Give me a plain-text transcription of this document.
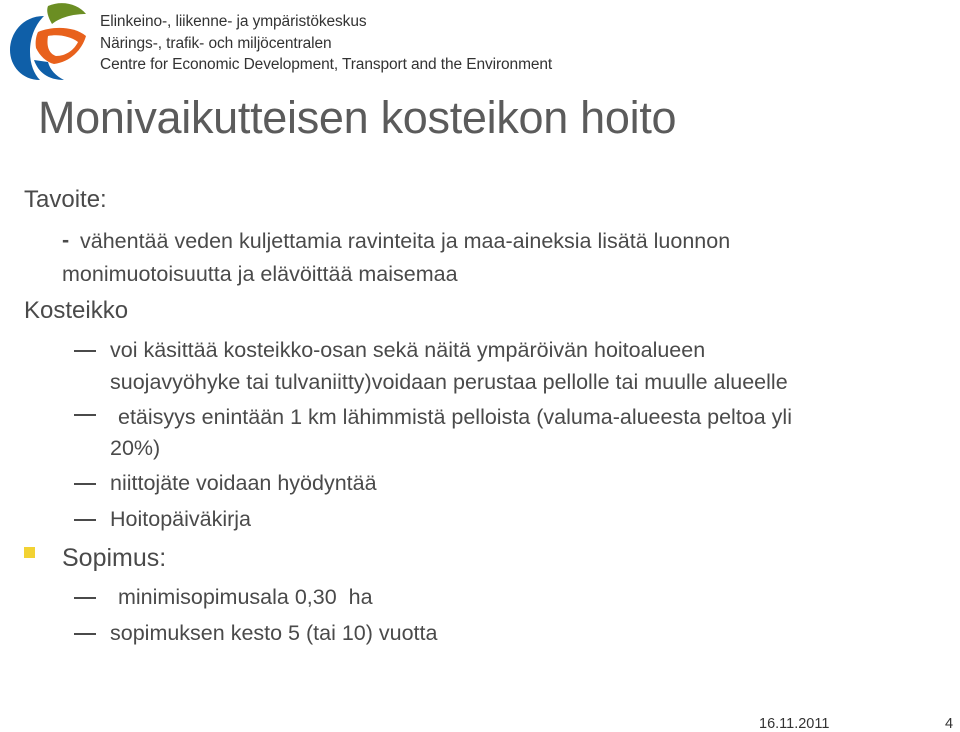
Elinkeino-, liikenne- ja ympäristökeskus
Närings-, trafik- och miljöcentralen
Centre for Economic Development, Transport and the Environment
Monivaikutteisen kosteikon hoito
Tavoite:
- vähentää veden kuljettamia ravinteita ja maa-aineksia lisätä luonnon
monimuotoisuutta ja elävöittää maisemaa
Kosteikko
voi käsittää kosteikko-osan sekä näitä ympäröivän hoitoalueen
suojavyöhyke tai tulvaniitty)voidaan perustaa pellolle tai muulle alueelle
etäisyys enintään 1 km lähimmistä pelloista (valuma-alueesta peltoa yli
20%)
niittojäte voidaan hyödyntää
Hoitopäiväkirja
Sopimus:
minimisopimusala 0,30  ha
sopimuksen kesto 5 (tai 10) vuotta
16.11.2011	4
